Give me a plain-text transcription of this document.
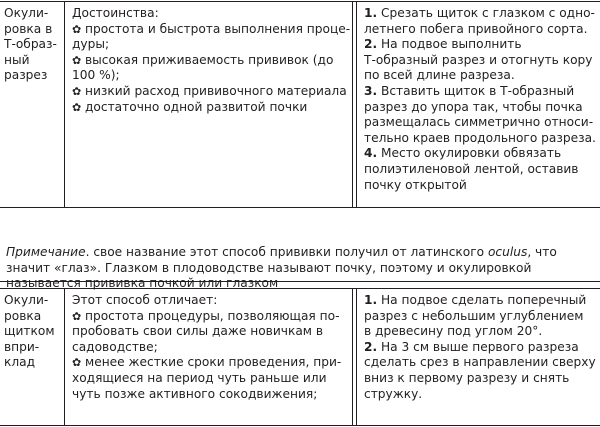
Окули-
ровка в
Т-образ-
ный
разрез

Достоинства:

✿ простота и быстрота выполнения проце-
дуры;

✿ высокая приживаемость прививок (до
100 %);

✿ низкий расход прививочного материала

✿ достаточно одной развитой почки

1. Срезать щиток с глазком с одно-
летнего побега привойного сорта.

2. На подвое выполнить
Т-образный разрез и отогнуть кору
по всей длине разреза.

3. Вставить щиток в Т-образный
разрез до упора так, чтобы почка
размещалась симметрично относи-
тельно краев продольного разреза.

4. Место окулировки обвязать
полиэтиленовой лентой, оставив
почку открытой

Примечание. свое название этот способ прививки получил от латинского oculus, что значит «глаз». Глазком в плодоводстве называют почку, поэтому и окулировкой называется прививка почкой или глазком

Окули-
ровка
щитком
впри-
клад

Этот способ отличает:

✿ простота процедуры, позволяющая по-
пробовать свои силы даже новичкам в
садоводстве;

✿ менее жесткие сроки проведения, при-
ходящиеся на период чуть раньше или
чуть позже активного сокодвижения;

1. На подвое сделать поперечный
разрез с небольшим углублением
в древесину под углом 20°.

2. На 3 см выше первого разреза
сделать срез в направлении сверху
вниз к первому разрезу и снять
стружку.
